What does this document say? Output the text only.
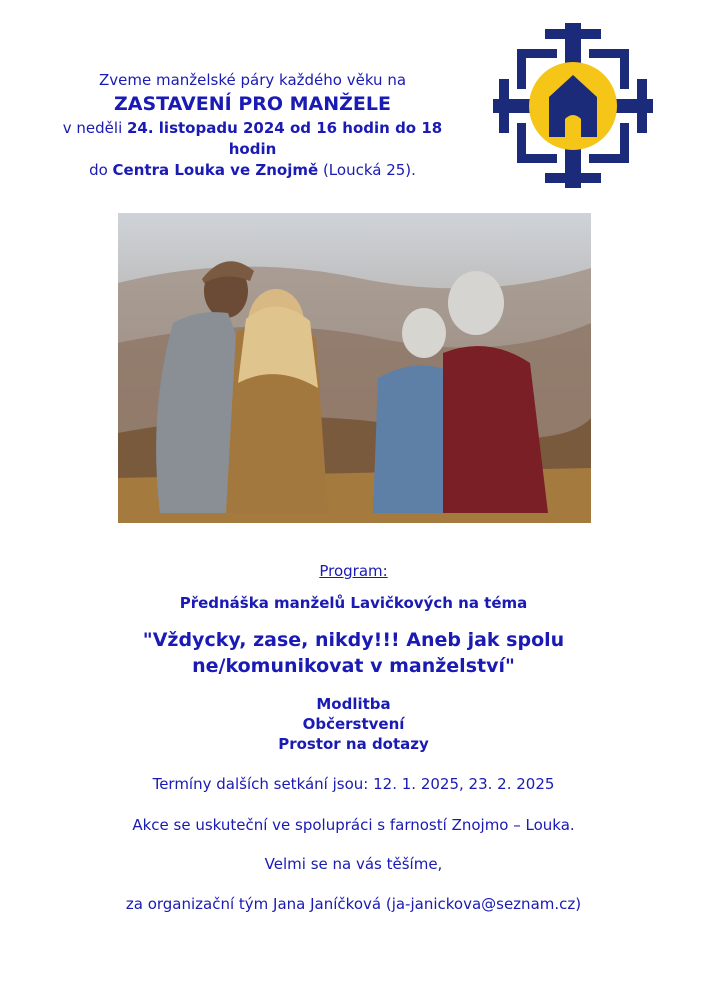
Zveme manželské páry každého věku na
ZASTAVENÍ PRO MANŽELE
v neděli 24. listopadu 2024 od 16 hodin do 18 hodin
do Centra Louka ve Znojmě (Loucká 25).
Program:
Přednáška manželů Lavičkových na téma
"Vždycky, zase, nikdy!!! Aneb jak spolu
ne/komunikovat v manželství"
Modlitba
Občerstvení
Prostor na dotazy
Termíny dalších setkání jsou: 12. 1. 2025, 23. 2. 2025
Akce se uskuteční ve spolupráci s farností Znojmo – Louka.
Velmi se na vás těšíme,
za organizační tým Jana Janíčková (ja-janickova@seznam.cz)
